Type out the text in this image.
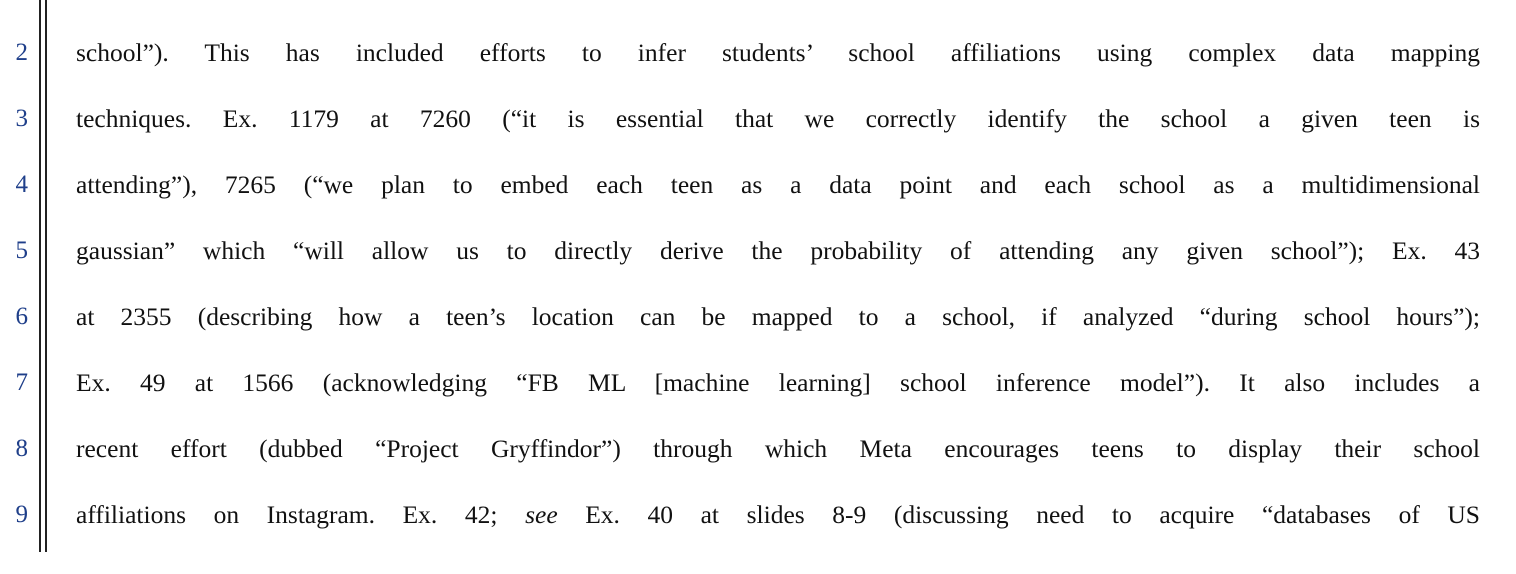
2 school”). This has included efforts to infer students’ school affiliations using complex data mapping
3 techniques. Ex. 1179 at 7260 (“it is essential that we correctly identify the school a given teen is
4 attending”), 7265 (“we plan to embed each teen as a data point and each school as a multidimensional
5 gaussian” which “will allow us to directly derive the probability of attending any given school”); Ex. 43
6 at 2355 (describing how a teen’s location can be mapped to a school, if analyzed “during school hours”);
7 Ex. 49 at 1566 (acknowledging “FB ML [machine learning] school inference model”). It also includes a
8 recent effort (dubbed “Project Gryffindor”) through which Meta encourages teens to display their school
9 affiliations on Instagram. Ex. 42; see Ex. 40 at slides 8-9 (discussing need to acquire “databases of US
